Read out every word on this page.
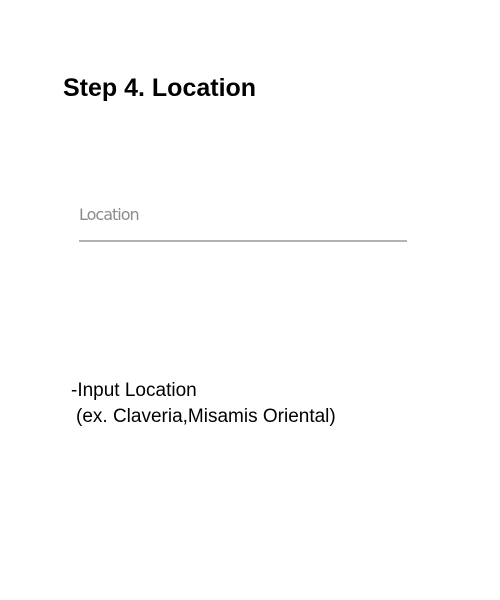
Step 4. Location
Location

-Input Location
(ex. Claveria,Misamis Oriental)
